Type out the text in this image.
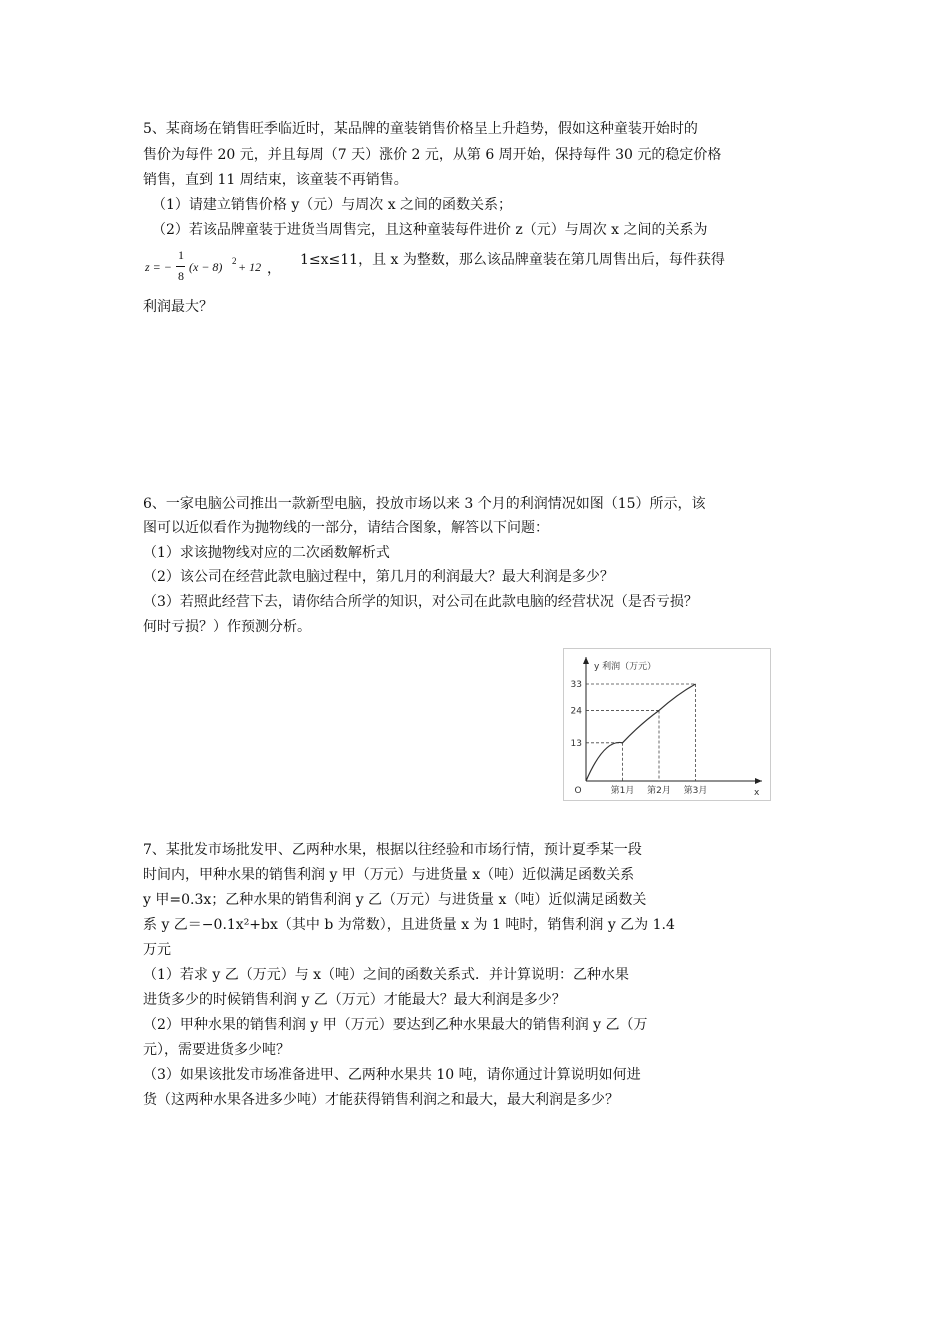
5、某商场在销售旺季临近时，某品牌的童装销售价格呈上升趋势，假如这种童装开始时的
售价为每件 20 元，并且每周（7 天）涨价 2 元，从第 6 周开始，保持每件 30 元的稳定价格
销售，直到 11 周结束，该童装不再销售。
（1）请建立销售价格 y（元）与周次 x 之间的函数关系；
（2）若该品牌童装于进货当周售完，且这种童装每件进价 z（元）与周次 x 之间的关系为
z = −
1
8
(x − 8) 2 + 12 ，
1≤x≤11，且 x 为整数，那么该品牌童装在第几周售出后，每件获得
利润最大？
6、一家电脑公司推出一款新型电脑，投放市场以来 3 个月的利润情况如图（15）所示，该
图可以近似看作为抛物线的一部分，请结合图象，解答以下问题：
（1）求该抛物线对应的二次函数解析式
（2）该公司在经营此款电脑过程中，第几月的利润最大？最大利润是多少？
（3）若照此经营下去，请你结合所学的知识，对公司在此款电脑的经营状况（是否亏损？
何时亏损？）作预测分析。
13
24
33
第1月 第2月 第3月
O
y 利润（万元）
x
7、某批发市场批发甲、乙两种水果，根据以往经验和市场行情，预计夏季某一段
时间内，甲种水果的销售利润 y 甲（万元）与进货量 x（吨）近似满足函数关系
y 甲=0.3x；乙种水果的销售利润 y 乙（万元）与进货量 x（吨）近似满足函数关
系 y 乙＝−0.1x²+bx（其中 b 为常数），且进货量 x 为 1 吨时，销售利润 y 乙为 1.4
万元
（1）若求 y 乙（万元）与 x（吨）之间的函数关系式．并计算说明：乙种水果
进货多少的时候销售利润 y 乙（万元）才能最大？最大利润是多少？
（2）甲种水果的销售利润 y 甲（万元）要达到乙种水果最大的销售利润 y 乙（万
元），需要进货多少吨？
（3）如果该批发市场准备进甲、乙两种水果共 10 吨，请你通过计算说明如何进
货（这两种水果各进多少吨）才能获得销售利润之和最大，最大利润是多少？
